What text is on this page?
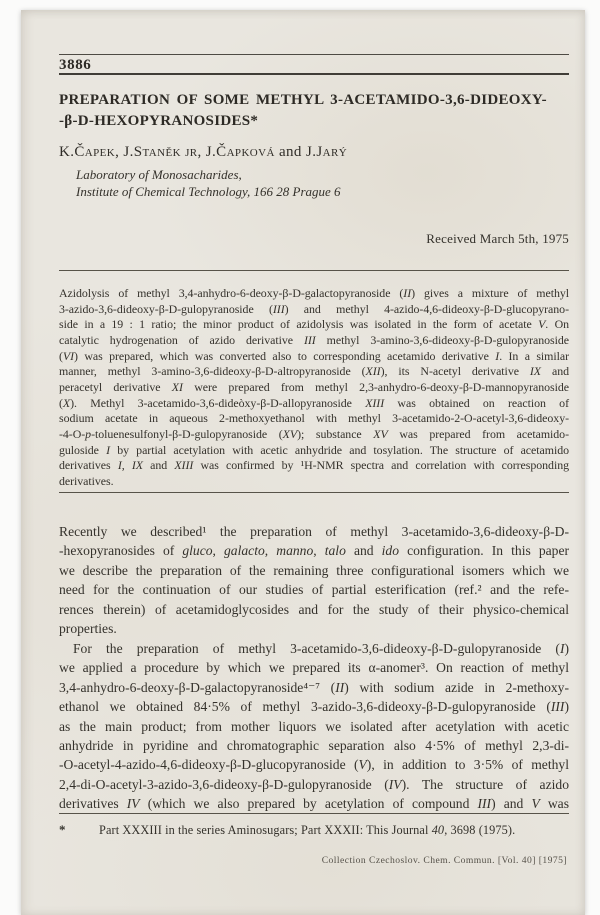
3886
PREPARATION OF SOME METHYL 3-ACETAMIDO-3,6-DIDEOXY-
-β-D-HEXOPYRANOSIDES*
K.Čapek, J.Staněk jr, J.Čapková and J.Jarý
Laboratory of Monosacharides,
Institute of Chemical Technology, 166 28 Prague 6
Received March 5th, 1975
Azidolysis of methyl 3,4-anhydro-6-deoxy-β-D-galactopyranoside (II) gives a mixture of methyl
3-azido-3,6-dideoxy-β-D-gulopyranoside (III) and methyl 4-azido-4,6-dideoxy-β-D-glucopyrano-
side in a 19 : 1 ratio; the minor product of azidolysis was isolated in the form of acetate V. On
catalytic hydrogenation of azido derivative III methyl 3-amino-3,6-dideoxy-β-D-gulopyranoside
(VI) was prepared, which was converted also to corresponding acetamido derivative I. In a similar
manner, methyl 3-amino-3,6-dideoxy-β-D-altropyranoside (XII), its N-acetyl derivative IX and
peracetyl derivative XI were prepared from methyl 2,3-anhydro-6-deoxy-β-D-mannopyranoside
(X). Methyl 3-acetamido-3,6-dideòxy-β-D-allopyranoside XIII was obtained on reaction of
sodium acetate in aqueous 2-methoxyethanol with methyl 3-acetamido-2-O-acetyl-3,6-dideoxy-
-4-O-p-toluenesulfonyl-β-D-gulopyranoside (XV); substance XV was prepared from acetamido-
guloside I by partial acetylation with acetic anhydride and tosylation. The structure of acetamido
derivatives I, IX and XIII was confirmed by ¹H-NMR spectra and correlation with corresponding
derivatives.
Recently we described¹ the preparation of methyl 3-acetamido-3,6-dideoxy-β-D-
-hexopyranosides of gluco, galacto, manno, talo and ido configuration. In this paper
we describe the preparation of the remaining three configurational isomers which we
need for the continuation of our studies of partial esterification (ref.² and the refe-
rences therein) of acetamidoglycosides and for the study of their physico-chemical
properties.
For the preparation of methyl 3-acetamido-3,6-dideoxy-β-D-gulopyranoside (I)
we applied a procedure by which we prepared its α-anomer³. On reaction of methyl
3,4-anhydro-6-deoxy-β-D-galactopyranoside⁴⁻⁷ (II) with sodium azide in 2-methoxy-
ethanol we obtained 84·5% of methyl 3-azido-3,6-dideoxy-β-D-gulopyranoside (III)
as the main product; from mother liquors we isolated after acetylation with acetic
anhydride in pyridine and chromatographic separation also 4·5% of methyl 2,3-di-
-O-acetyl-4-azido-4,6-dideoxy-β-D-glucopyranoside (V), in addition to 3·5% of methyl
2,4-di-O-acetyl-3-azido-3,6-dideoxy-β-D-gulopyranoside (IV). The structure of azido
derivatives IV (which we also prepared by acetylation of compound III) and V was
*	Part XXXIII in the series Aminosugars; Part XXXII: This Journal 40, 3698 (1975).
Collection Czechoslov. Chem. Commun. [Vol. 40] [1975]
